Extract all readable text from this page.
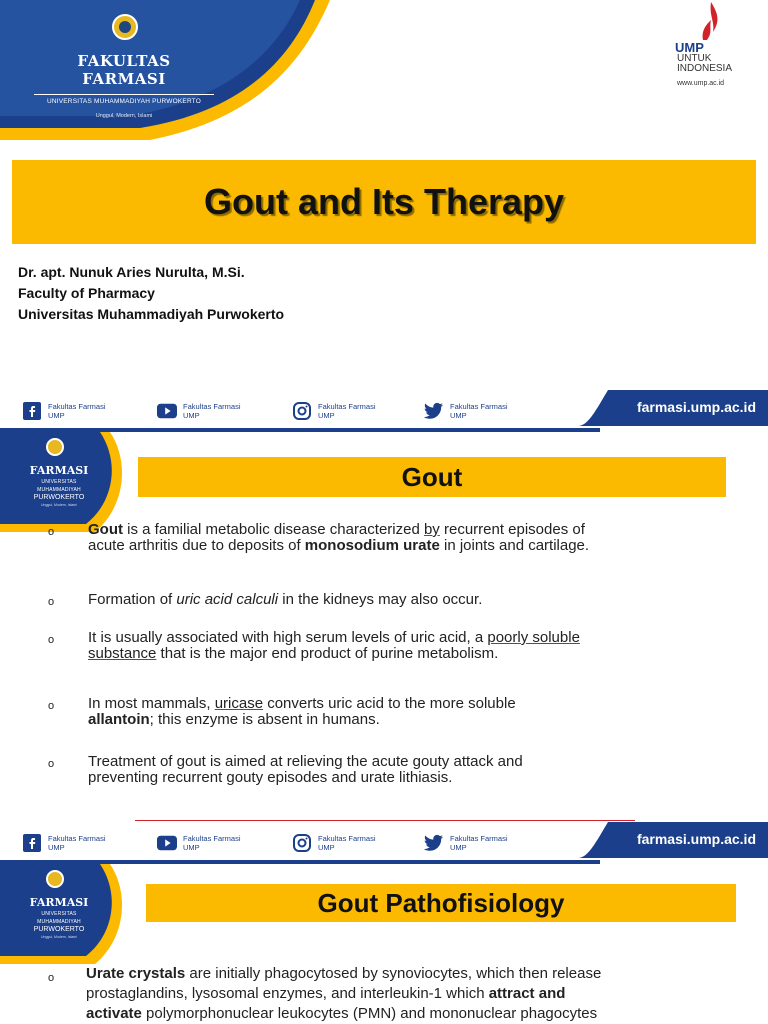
FAKULTAS FARMASI
UNIVERSITAS MUHAMMADIYAH PURWOKERTO
Unggul, Modern, Islami
UMP
UNTUK INDONESIA
www.ump.ac.id
Gout and Its Therapy
Dr. apt. Nunuk Aries Nurulta, M.Si.
Faculty of Pharmacy
Universitas Muhammadiyah Purwokerto
Fakultas Farmasi
UMP
Fakultas Farmasi
UMP
Fakultas Farmasi
UMP
Fakultas Farmasi
UMP
farmasi.ump.ac.id
FARMASI
UNIVERSITAS
MUHAMMADIYAH
PURWOKERTO
Unggul, Modern, Islami
Gout
o Gout is a familial metabolic disease characterized by recurrent episodes of
acute arthritis due to deposits of monosodium urate in joints and cartilage.
o Formation of uric acid calculi in the kidneys may also occur.
o It is usually associated with high serum levels of uric acid, a poorly soluble
substance that is the major end product of purine metabolism.
o In most mammals, uricase converts uric acid to the more soluble
allantoin; this enzyme is absent in humans.
o Treatment of gout is aimed at relieving the acute gouty attack and
preventing recurrent gouty episodes and urate lithiasis.
Fakultas Farmasi
UMP
Fakultas Farmasi
UMP
Fakultas Farmasi
UMP
Fakultas Farmasi
UMP
farmasi.ump.ac.id
FARMASI
UNIVERSITAS
MUHAMMADIYAH
PURWOKERTO
Unggul, Modern, Islami
Gout Pathofisiology
o Urate crystals are initially phagocytosed by synoviocytes, which then release
prostaglandins, lysosomal enzymes, and interleukin-1 which attract and
activate polymorphonuclear leukocytes (PMN) and mononuclear phagocytes
